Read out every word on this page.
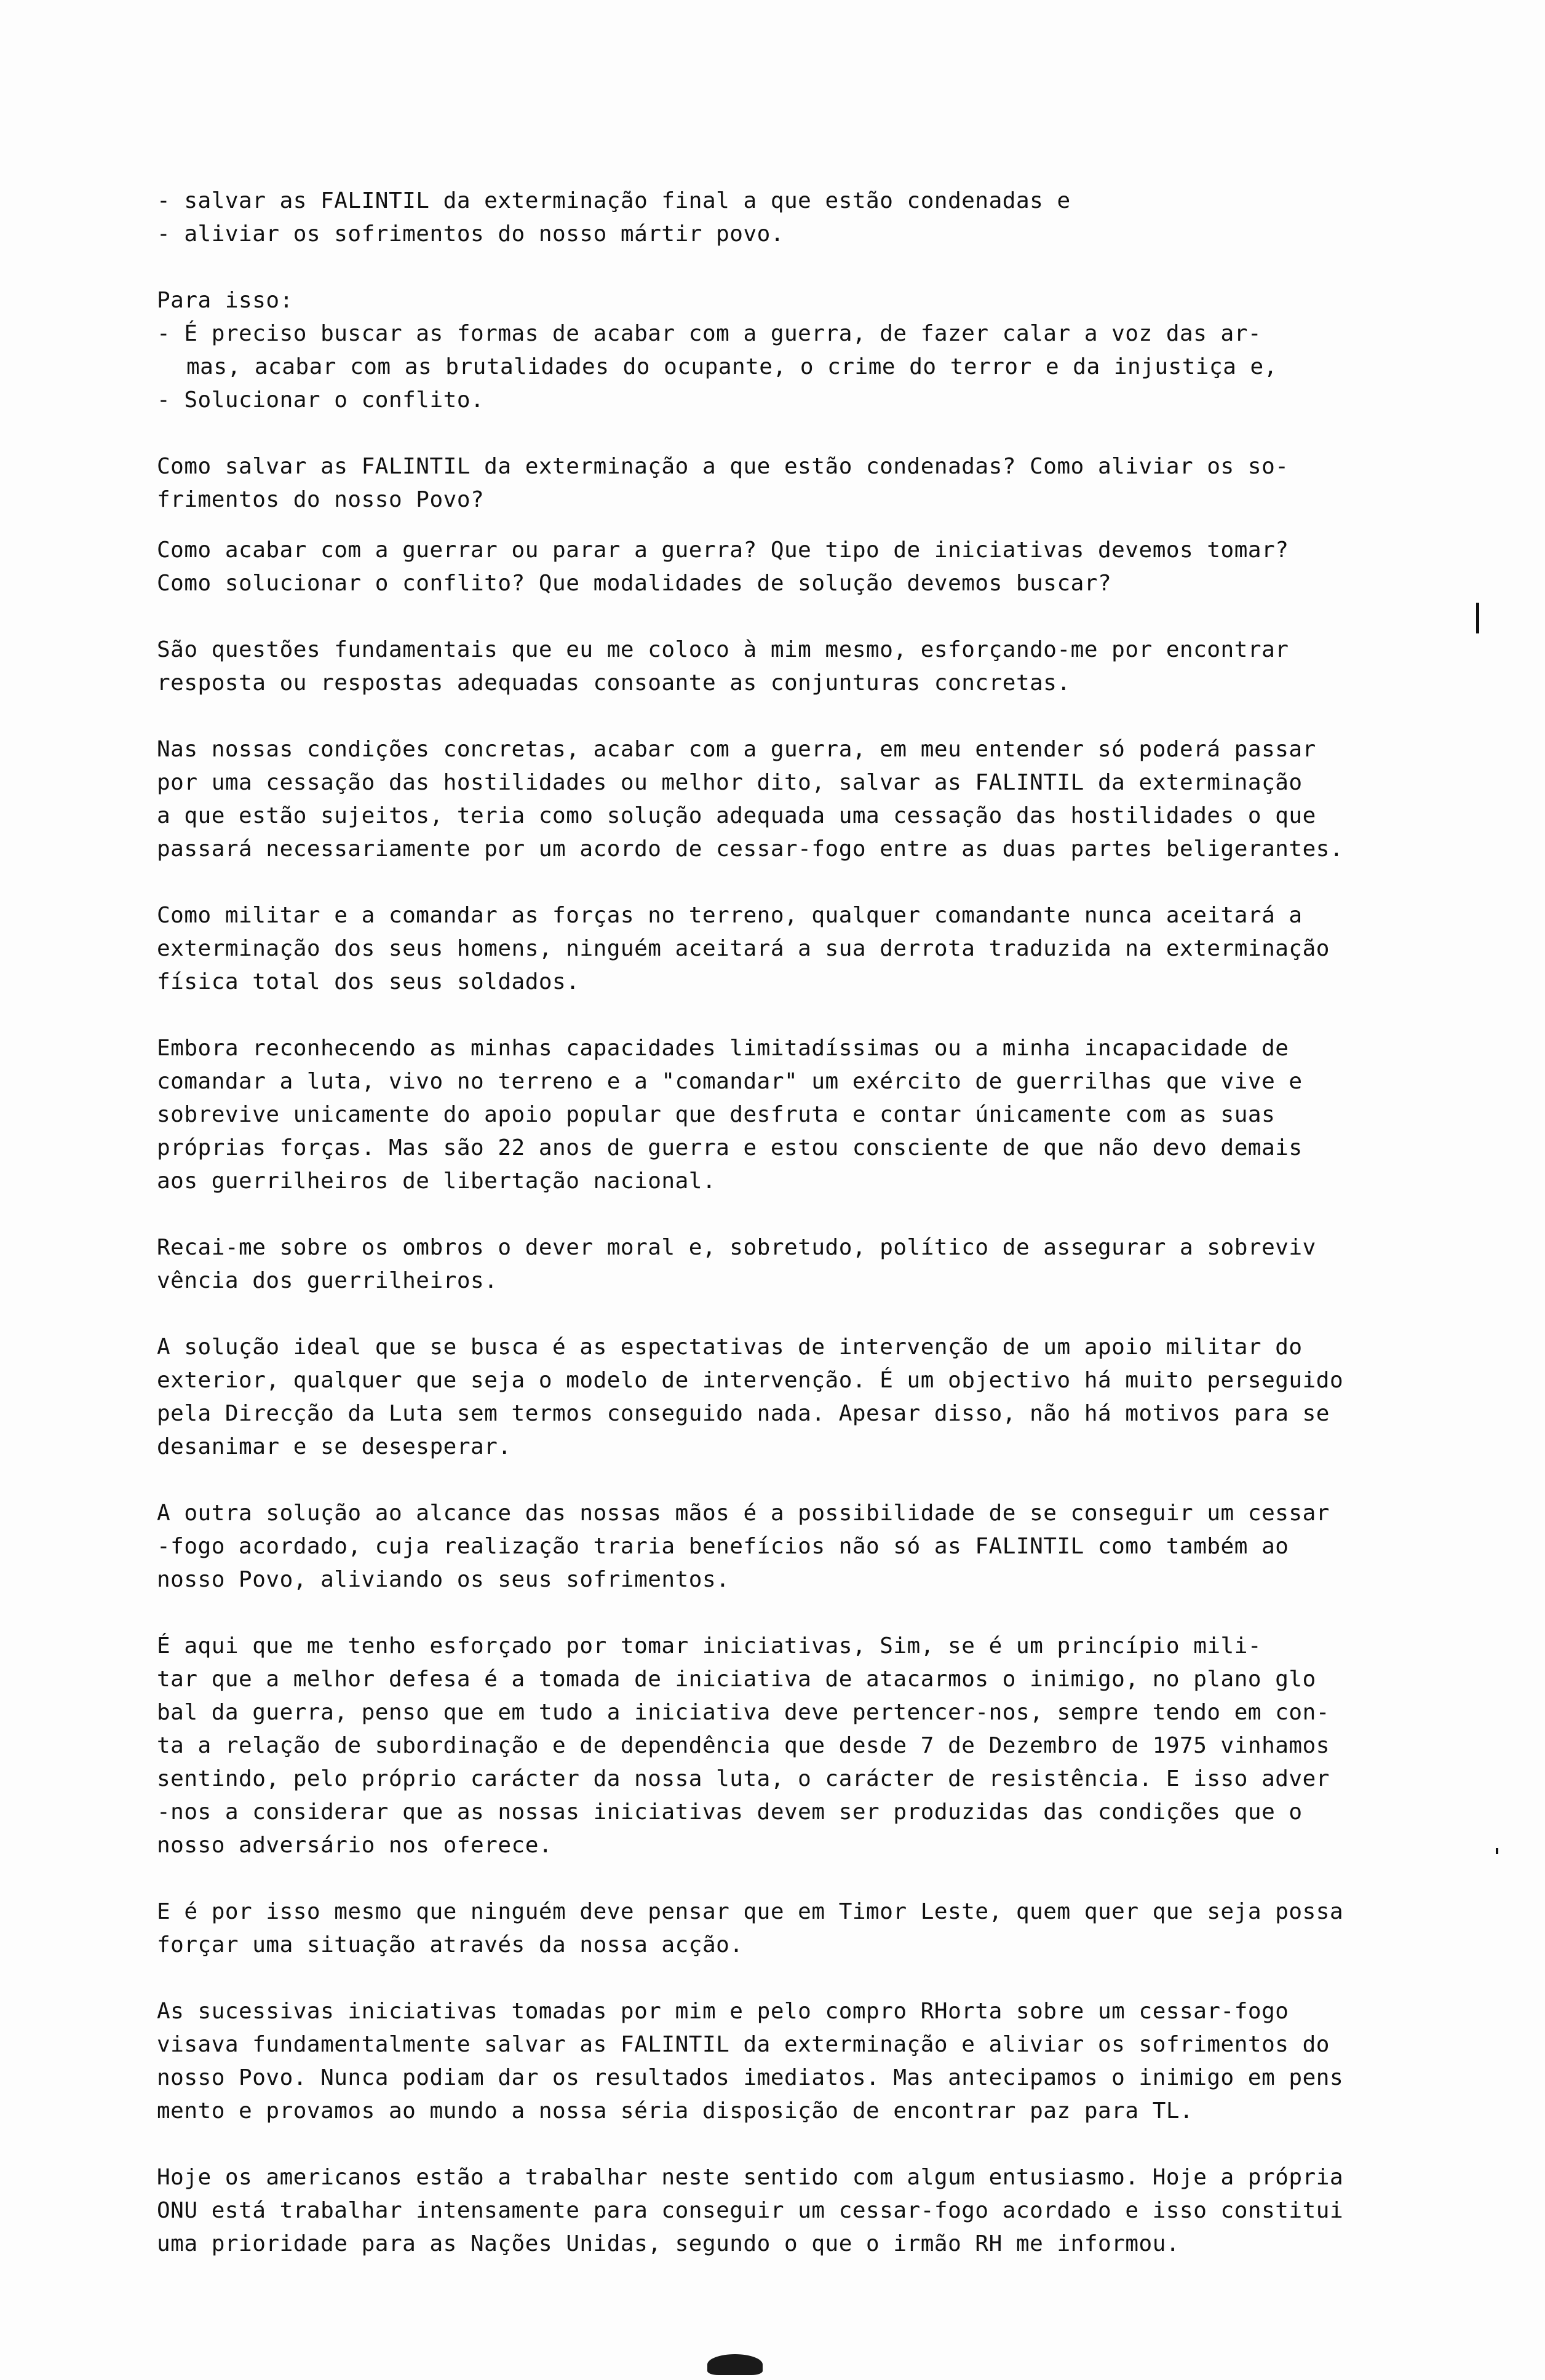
- salvar as FALINTIL da exterminação final a que estão condenadas e
- aliviar os sofrimentos do nosso mártir povo.
Para isso:
- É preciso buscar as formas de acabar com a guerra, de fazer calar a voz das ar-
mas, acabar com as brutalidades do ocupante, o crime do terror e da injustiça e,
- Solucionar o conflito.
Como salvar as FALINTIL da exterminação a que estão condenadas? Como aliviar os so-
frimentos do nosso Povo?
Como acabar com a guerrar ou parar a guerra? Que tipo de iniciativas devemos tomar?
Como solucionar o conflito? Que modalidades de solução devemos buscar?
São questões fundamentais que eu me coloco à mim mesmo, esforçando-me por encontrar
resposta ou respostas adequadas consoante as conjunturas concretas.
Nas nossas condições concretas, acabar com a guerra, em meu entender só poderá passar
por uma cessação das hostilidades ou melhor dito, salvar as FALINTIL da exterminação
a que estão sujeitos, teria como solução adequada uma cessação das hostilidades o que
passará necessariamente por um acordo de cessar-fogo entre as duas partes beligerantes.
Como militar e a comandar as forças no terreno, qualquer comandante nunca aceitará a
exterminação dos seus homens, ninguém aceitará a sua derrota traduzida na exterminação
física total dos seus soldados.
Embora reconhecendo as minhas capacidades limitadíssimas ou a minha incapacidade de
comandar a luta, vivo no terreno e a "comandar" um exército de guerrilhas que vive e
sobrevive unicamente do apoio popular que desfruta e contar únicamente com as suas
próprias forças. Mas são 22 anos de guerra e estou consciente de que não devo demais
aos guerrilheiros de libertação nacional.
Recai-me sobre os ombros o dever moral e, sobretudo, político de assegurar a sobreviv
vência dos guerrilheiros.
A solução ideal que se busca é as espectativas de intervenção de um apoio militar do
exterior, qualquer que seja o modelo de intervenção. É um objectivo há muito perseguido
pela Direcção da Luta sem termos conseguido nada. Apesar disso, não há motivos para se
desanimar e se desesperar.
A outra solução ao alcance das nossas mãos é a possibilidade de se conseguir um cessar
-fogo acordado, cuja realização traria benefícios não só as FALINTIL como também ao
nosso Povo, aliviando os seus sofrimentos.
É aqui que me tenho esforçado por tomar iniciativas, Sim, se é um princípio mili-
tar que a melhor defesa é a tomada de iniciativa de atacarmos o inimigo, no plano glo
bal da guerra, penso que em tudo a iniciativa deve pertencer-nos, sempre tendo em con-
ta a relação de subordinação e de dependência que desde 7 de Dezembro de 1975 vinhamos
sentindo, pelo próprio carácter da nossa luta, o carácter de resistência. E isso adver
-nos a considerar que as nossas iniciativas devem ser produzidas das condições que o
nosso adversário nos oferece.
E é por isso mesmo que ninguém deve pensar que em Timor Leste, quem quer que seja possa
forçar uma situação através da nossa acção.
As sucessivas iniciativas tomadas por mim e pelo compro RHorta sobre um cessar-fogo
visava fundamentalmente salvar as FALINTIL da exterminação e aliviar os sofrimentos do
nosso Povo. Nunca podiam dar os resultados imediatos. Mas antecipamos o inimigo em pens
mento e provamos ao mundo a nossa séria disposição de encontrar paz para TL.
Hoje os americanos estão a trabalhar neste sentido com algum entusiasmo. Hoje a própria
ONU está trabalhar intensamente para conseguir um cessar-fogo acordado e isso constitui
uma prioridade para as Nações Unidas, segundo o que o irmão RH me informou.
